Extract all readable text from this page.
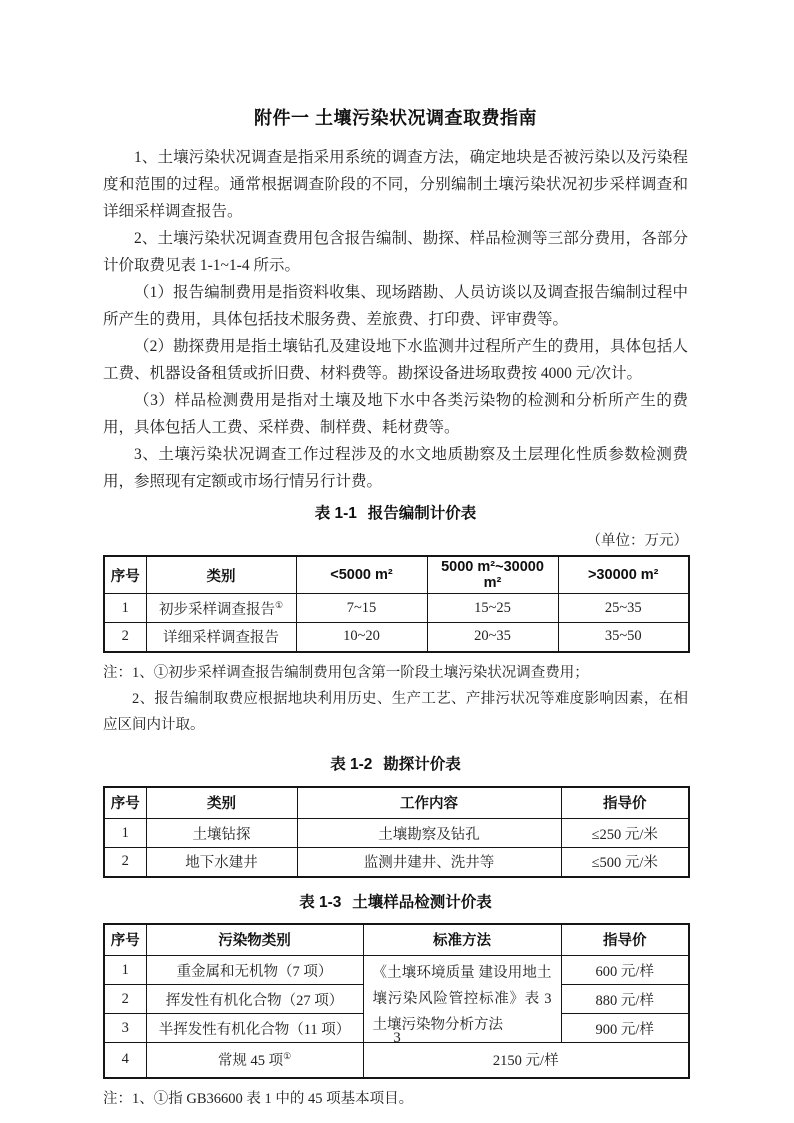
附件一 土壤污染状况调查取费指南

1、土壤污染状况调查是指采用系统的调查方法，确定地块是否被污染以及污染程度和范围的过程。通常根据调查阶段的不同，分别编制土壤污染状况初步采样调查和详细采样调查报告。

2、土壤污染状况调查费用包含报告编制、勘探、样品检测等三部分费用，各部分计价取费见表 1-1~1-4 所示。

（1）报告编制费用是指资料收集、现场踏勘、人员访谈以及调查报告编制过程中所产生的费用，具体包括技术服务费、差旅费、打印费、评审费等。

（2）勘探费用是指土壤钻孔及建设地下水监测井过程所产生的费用，具体包括人工费、机器设备租赁或折旧费、材料费等。勘探设备进场取费按 4000 元/次计。

（3）样品检测费用是指对土壤及地下水中各类污染物的检测和分析所产生的费用，具体包括人工费、采样费、制样费、耗材费等。

3、土壤污染状况调查工作过程涉及的水文地质勘察及土层理化性质参数检测费用，参照现有定额或市场行情另行计费。

表 1-1 报告编制计价表
（单位：万元）
序号	类别	<5000 m²	5000 m²~30000 m²	>30000 m²
1	初步采样调查报告①	7~15	15~25	25~35
2	详细采样调查报告	10~20	20~35	35~50
注：1、①初步采样调查报告编制费用包含第一阶段土壤污染状况调查费用；
2、报告编制取费应根据地块利用历史、生产工艺、产排污状况等难度影响因素，在相应区间内计取。
表 1-2 勘探计价表
序号	类别	工作内容	指导价
1	土壤钻探	土壤勘察及钻孔	≤250 元/米
2	地下水建井	监测井建井、洗井等	≤500 元/米
表 1-3 土壤样品检测计价表
序号	污染物类别	标准方法	指导价
1	重金属和无机物（7 项）	《土壤环境质量 建设用地土壤污染风险管控标准》表 3 土壤污染物分析方法	600 元/样
2	挥发性有机化合物（27 项）		880 元/样
3	半挥发性有机化合物（11 项）		900 元/样
4	常规 45 项①	2150 元/样	
注：1、①指 GB36600 表 1 中的 45 项基本项目。
3
